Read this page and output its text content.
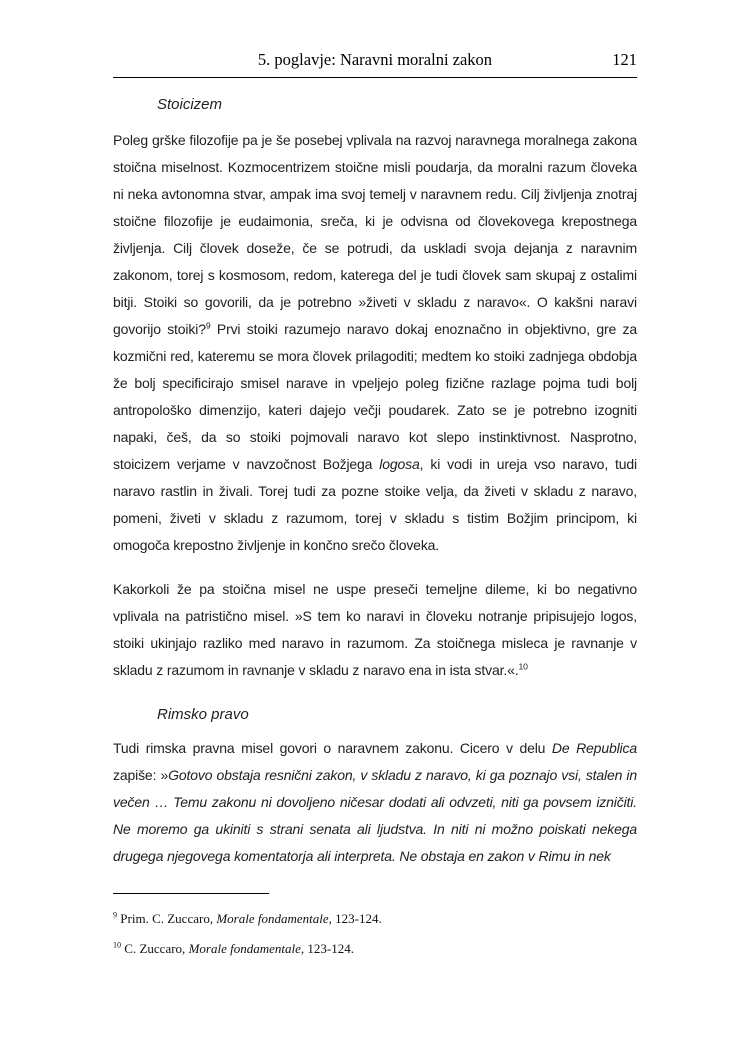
5. poglavje: Naravni moralni zakon	121
Stoicizem

Poleg grške filozofije pa je še posebej vplivala na razvoj naravnega moralnega zakona stoična miselnost. Kozmocentrizem stoične misli poudarja, da moralni razum človeka ni neka avtonomna stvar, ampak ima svoj temelj v naravnem redu. Cilj življenja znotraj stoične filozofije je eudaimonia, sreča, ki je odvisna od človekovega krepostnega življenja. Cilj človek doseže, če se potrudi, da uskladi svoja dejanja z naravnim zakonom, torej s kosmosom, redom, katerega del je tudi človek sam skupaj z ostalimi bitji. Stoiki so govorili, da je potrebno »živeti v skladu z naravo«. O kakšni naravi govorijo stoiki?$^9$ Prvi stoiki razumejo naravo dokaj enoznačno in objektivno, gre za kozmični red, kateremu se mora človek prilagoditi; medtem ko stoiki zadnjega obdobja že bolj specificirajo smisel narave in vpeljejo poleg fizične razlage pojma tudi bolj antropološko dimenzijo, kateri dajejo večji poudarek. Zato se je potrebno izogniti napaki, češ, da so stoiki pojmovali naravo kot slepo instinktivnost. Nasprotno, stoicizem verjame v navzočnost Božjega logosa, ki vodi in ureja vso naravo, tudi naravo rastlin in živali. Torej tudi za pozne stoike velja, da živeti v skladu z naravo, pomeni, živeti v skladu z razumom, torej v skladu s tistim Božjim principom, ki omogoča krepostno življenje in končno srečo človeka.

Kakorkoli že pa stoična misel ne uspe preseči temeljne dileme, ki bo negativno vplivala na patristično misel. »S tem ko naravi in človeku notranje pripisujejo logos, stoiki ukinjajo razliko med naravo in razumom. Za stoičnega misleca je ravnanje v skladu z razumom in ravnanje v skladu z naravo ena in ista stvar.«.$^{10}$

Rimsko pravo

Tudi rimska pravna misel govori o naravnem zakonu. Cicero v delu De Republica zapiše: »Gotovo obstaja resnični zakon, v skladu z naravo, ki ga poznajo vsi, stalen in večen … Temu zakonu ni dovoljeno ničesar dodati ali odvzeti, niti ga povsem izničiti. Ne moremo ga ukiniti s strani senata ali ljudstva. In niti ni možno poiskati nekega drugega njegovega komentatorja ali interpreta. Ne obstaja en zakon v Rimu in nek

$^9$ Prim. C. Zuccaro, Morale fondamentale, 123-124.
$^{10}$ C. Zuccaro, Morale fondamentale, 123-124.
